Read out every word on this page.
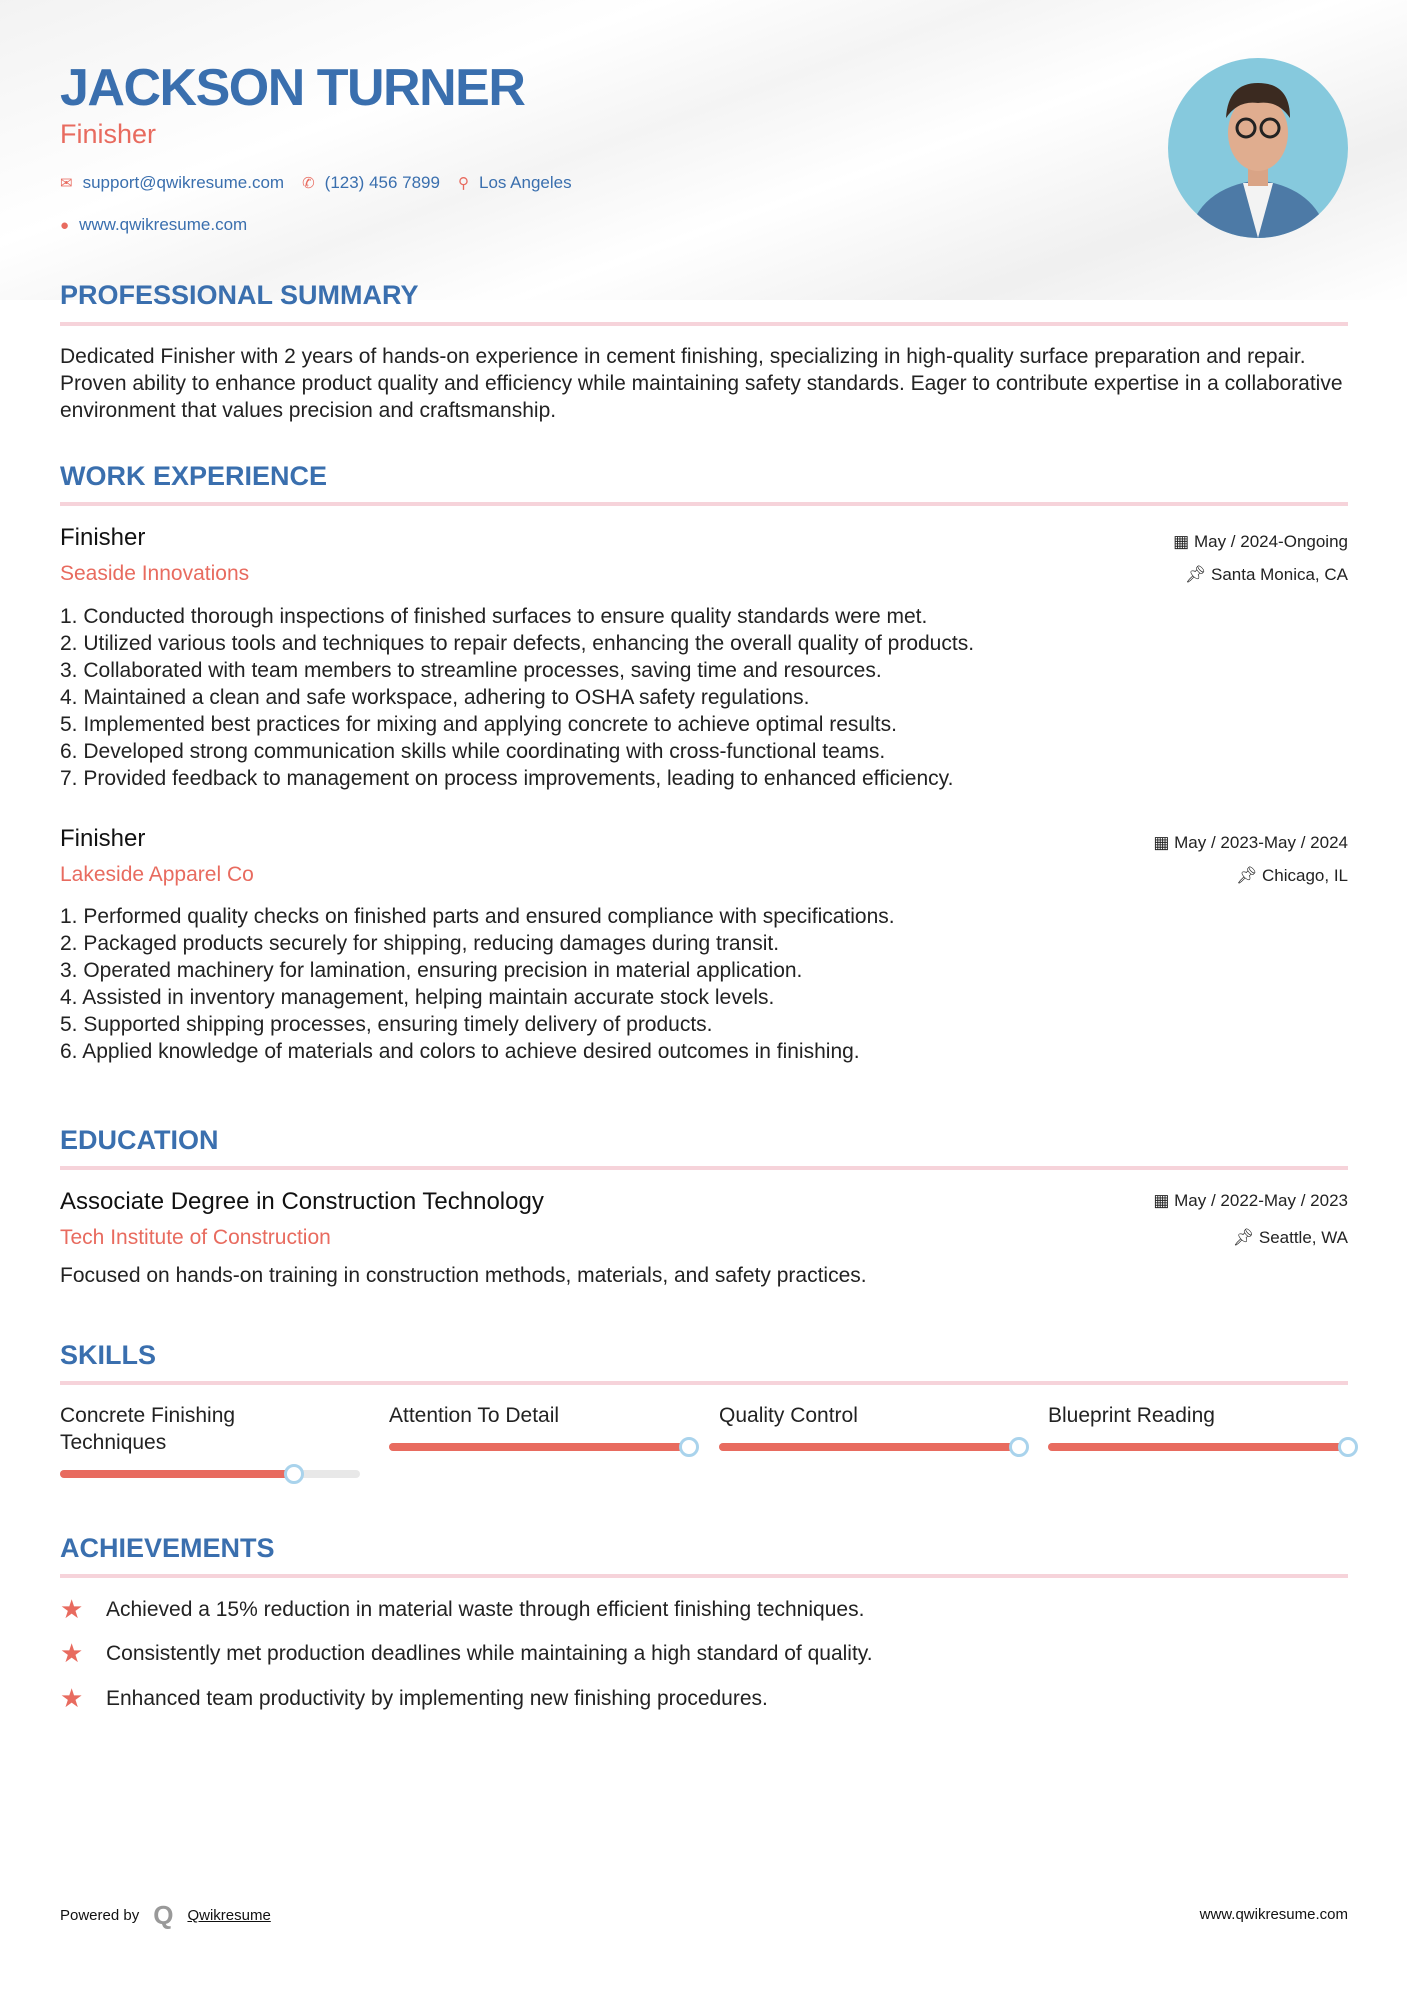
JACKSON TURNER
Finisher
✉ support@qwikresume.com ✆ (123) 456 7899 ⚲ Los Angeles
● www.qwikresume.com
PROFESSIONAL SUMMARY
Dedicated Finisher with 2 years of hands-on experience in cement finishing, specializing in high-quality surface preparation and repair. Proven ability to enhance product quality and efficiency while maintaining safety standards. Eager to contribute expertise in a collaborative environment that values precision and craftsmanship.
WORK EXPERIENCE
Finisher
Seaside Innovations
▦ May / 2024-Ongoing
📌︎ Santa Monica, CA
1. Conducted thorough inspections of finished surfaces to ensure quality standards were met.
2. Utilized various tools and techniques to repair defects, enhancing the overall quality of products.
3. Collaborated with team members to streamline processes, saving time and resources.
4. Maintained a clean and safe workspace, adhering to OSHA safety regulations.
5. Implemented best practices for mixing and applying concrete to achieve optimal results.
6. Developed strong communication skills while coordinating with cross-functional teams.
7. Provided feedback to management on process improvements, leading to enhanced efficiency.
Finisher
Lakeside Apparel Co
▦ May / 2023-May / 2024
📌︎ Chicago, IL
1. Performed quality checks on finished parts and ensured compliance with specifications.
2. Packaged products securely for shipping, reducing damages during transit.
3. Operated machinery for lamination, ensuring precision in material application.
4. Assisted in inventory management, helping maintain accurate stock levels.
5. Supported shipping processes, ensuring timely delivery of products.
6. Applied knowledge of materials and colors to achieve desired outcomes in finishing.
EDUCATION
Associate Degree in Construction Technology
Tech Institute of Construction
▦ May / 2022-May / 2023
📌︎ Seattle, WA
Focused on hands-on training in construction methods, materials, and safety practices.
SKILLS
Concrete Finishing Techniques
Attention To Detail	Quality Control	Blueprint Reading
ACHIEVEMENTS
★	Achieved a 15% reduction in material waste through efficient finishing techniques.
★	Consistently met production deadlines while maintaining a high standard of quality.
★	Enhanced team productivity by implementing new finishing procedures.
Powered by Q Qwikresume	www.qwikresume.com
